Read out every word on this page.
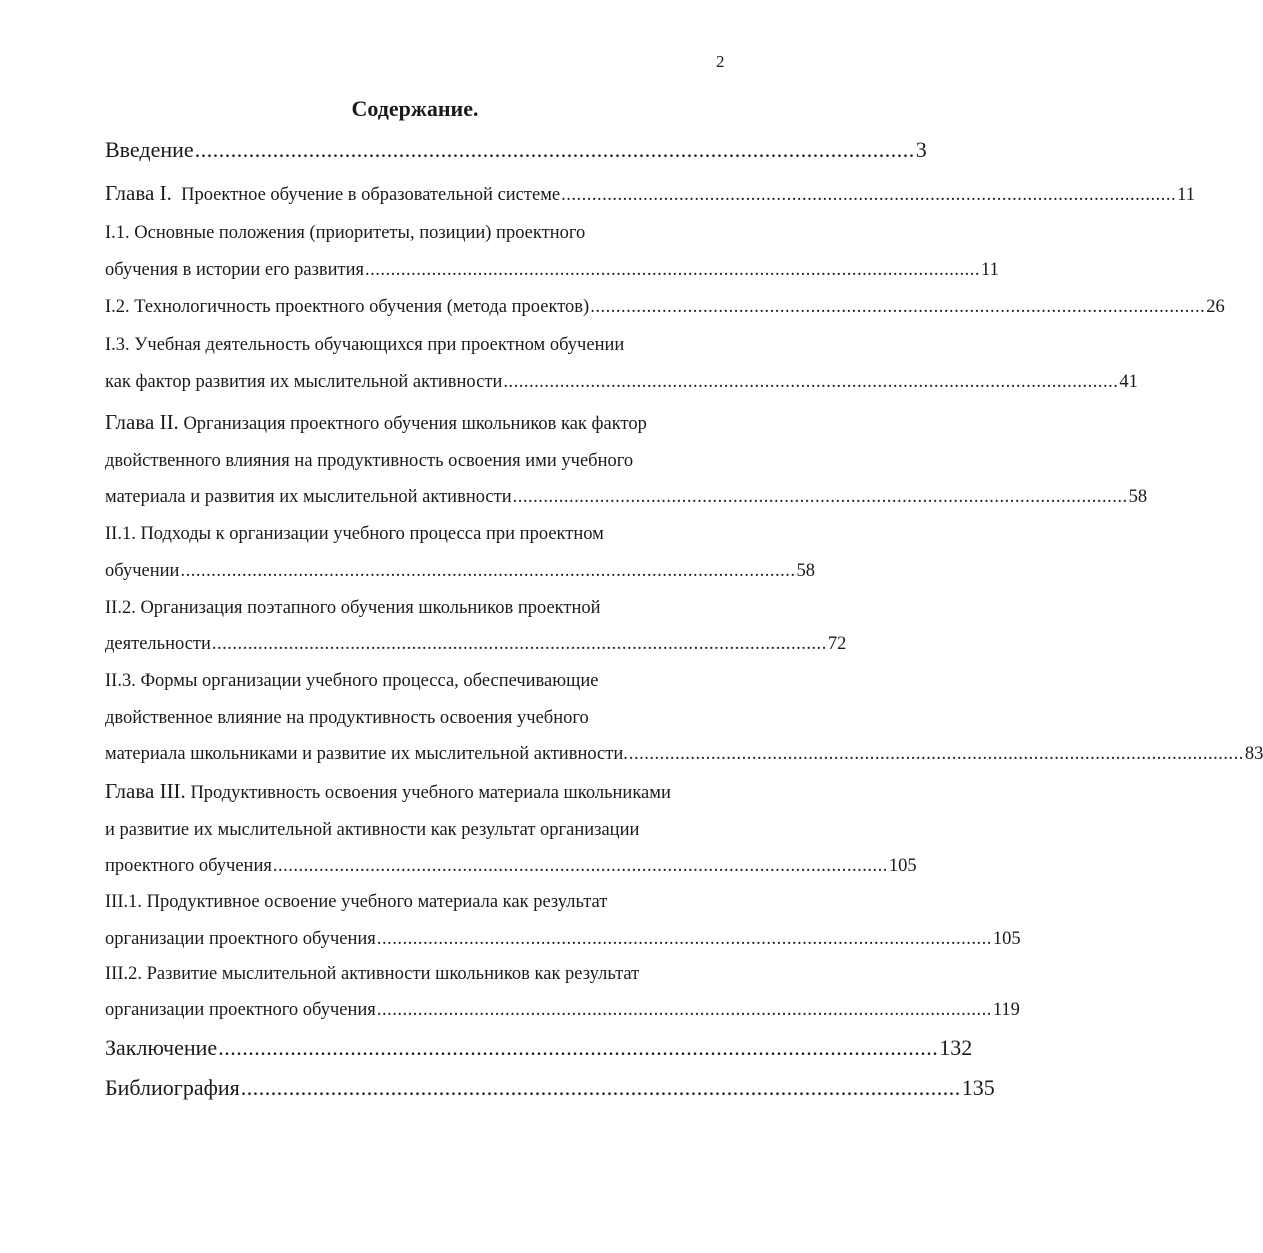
2
Содержание.
Введение ........................................................................................................................ 3
Глава I. Проектное обучение в образовательной системе ........................................................................................................................ 11
I.1. Основные положения (приоритеты, позиции) проектного
обучения в истории его развития ........................................................................................................................ 11
I.2. Технологичность проектного обучения (метода проектов) ........................................................................................................................ 26
I.3. Учебная деятельность обучающихся при проектном обучении
как фактор развития их мыслительной активности ........................................................................................................................ 41
Глава II. Организация проектного обучения школьников как фактор
двойственного влияния на продуктивность освоения ими учебного
материала и развития их мыслительной активности ........................................................................................................................ 58
II.1. Подходы к организации учебного процесса при проектном
обучении ........................................................................................................................ 58
II.2. Организация поэтапного обучения школьников проектной
деятельности ........................................................................................................................ 72
II.3. Формы организации учебного процесса, обеспечивающие
двойственное влияние на продуктивность освоения учебного
материала школьниками и развитие их мыслительной активности. ........................................................................................................................ 83
Глава III. Продуктивность освоения учебного материала школьниками
и развитие их мыслительной активности как результат организации
проектного обучения ........................................................................................................................ 105
III.1. Продуктивное освоение учебного материала как результат
организации проектного обучения ........................................................................................................................ 105
III.2. Развитие мыслительной активности школьников как результат
организации проектного обучения ........................................................................................................................ 119
Заключение ........................................................................................................................ 132
Библиография ........................................................................................................................ 135
